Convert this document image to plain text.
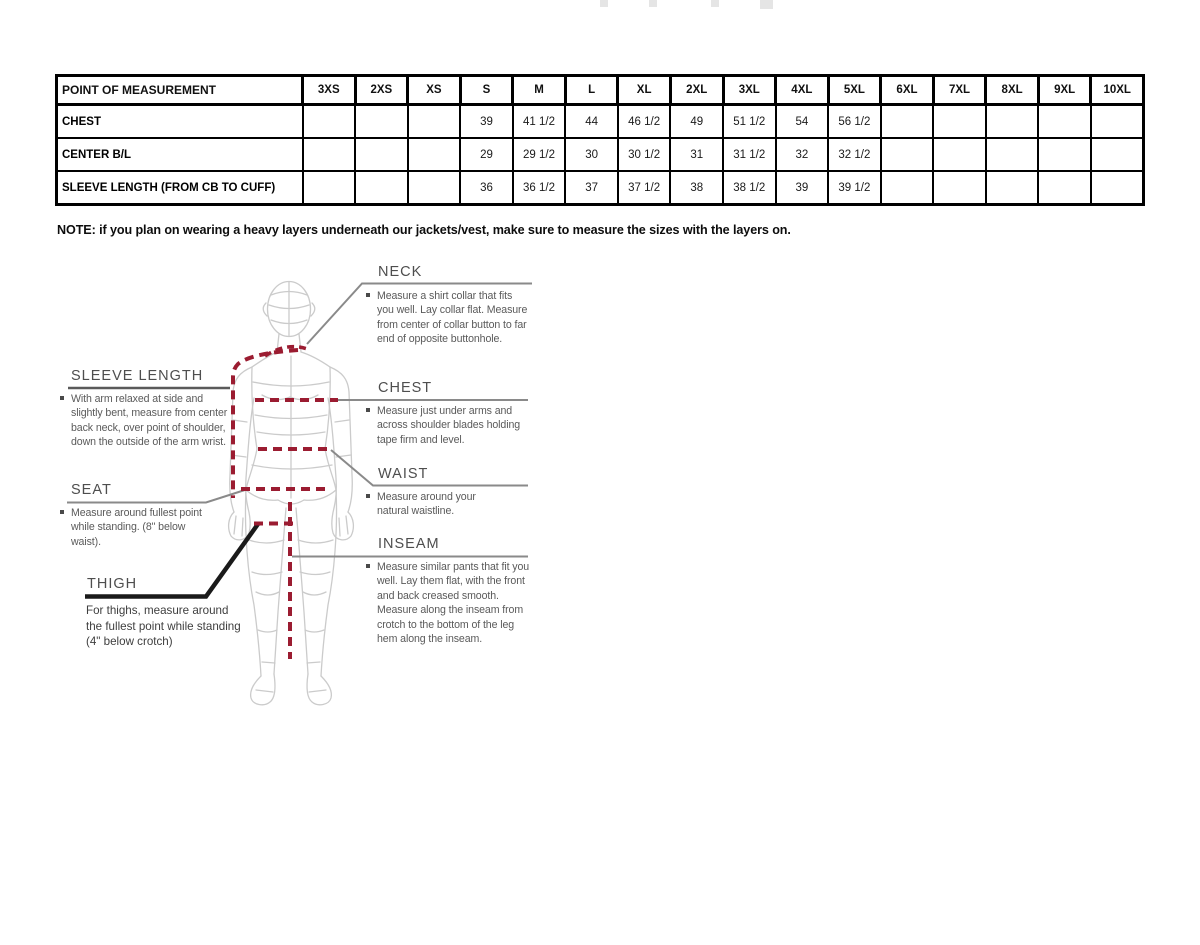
POINT OF MEASUREMENT	3XS	2XS	XS	S	M	L	XL	2XL	3XL	4XL	5XL	6XL	7XL	8XL	9XL	10XL
CHEST				39	41 1/2	44	46 1/2	49	51 1/2	54	56 1/2					
CENTER B/L				29	29 1/2	30	30 1/2	31	31 1/2	32	32 1/2					
SLEEVE LENGTH (FROM CB TO CUFF)				36	36 1/2	37	37 1/2	38	38 1/2	39	39 1/2					
NOTE: if you plan on wearing a heavy layers underneath our jackets/vest, make sure to measure the sizes with the layers on.
NECK
Measure a shirt collar that fits you well. Lay collar flat. Measure from center of collar button to far end of opposite buttonhole.
SLEEVE LENGTH
With arm relaxed at side and slightly bent, measure from center back neck, over point of shoulder, down the outside of the arm wrist.
CHEST
Measure just under arms and across shoulder blades holding tape firm and level.
WAIST
Measure around your natural waistline.
SEAT
Measure around fullest point while standing. (8" below waist).	INSEAM
Measure similar pants that fit you well. Lay them flat, with the front and back creased smooth. Measure along the inseam from crotch to the bottom of the leg hem along the inseam.
THIGH
For thighs, measure around the fullest point while standing (4" below crotch)
